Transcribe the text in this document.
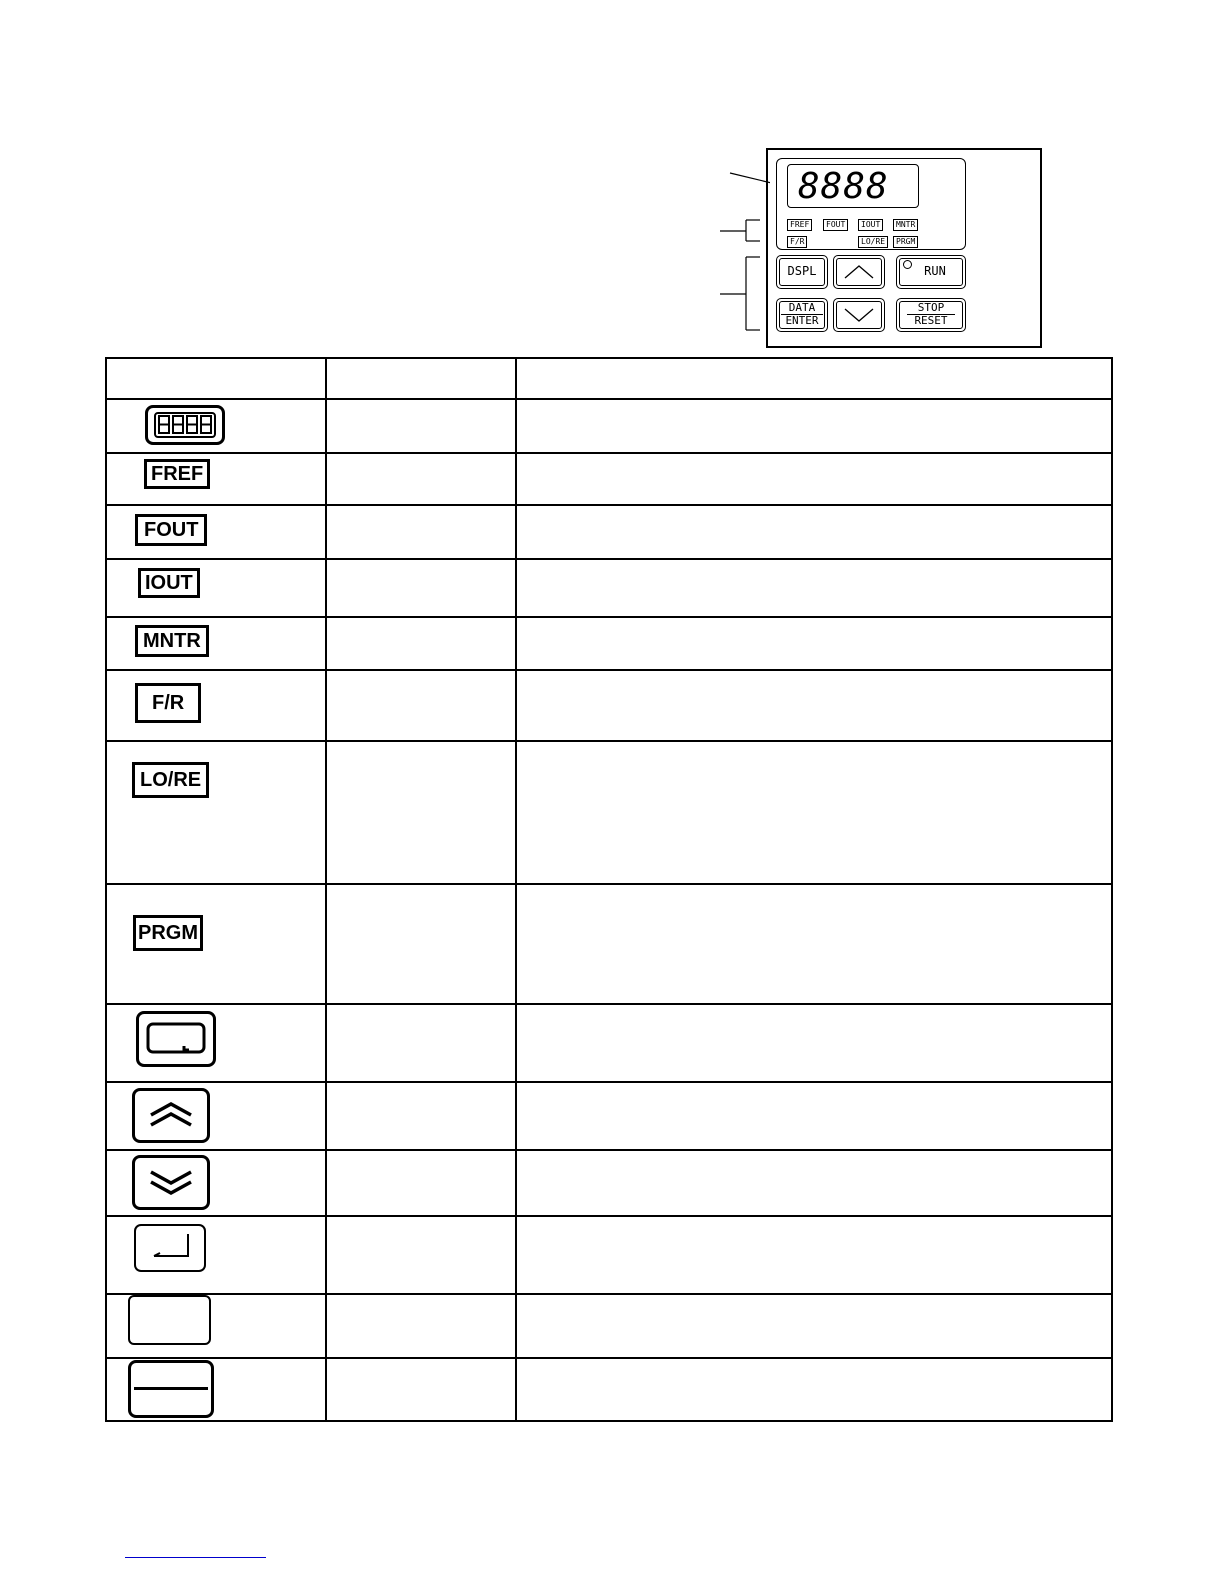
8888
FREF	FOUT	IOUT	MNTR
F/R	LO/RE	PRGM
DSPL	RUN
DATA
ENTER
STOP
RESET

FREF		

FOUT		

IOUT		

MNTR		

F/R		

LO/RE		

PRGM		
